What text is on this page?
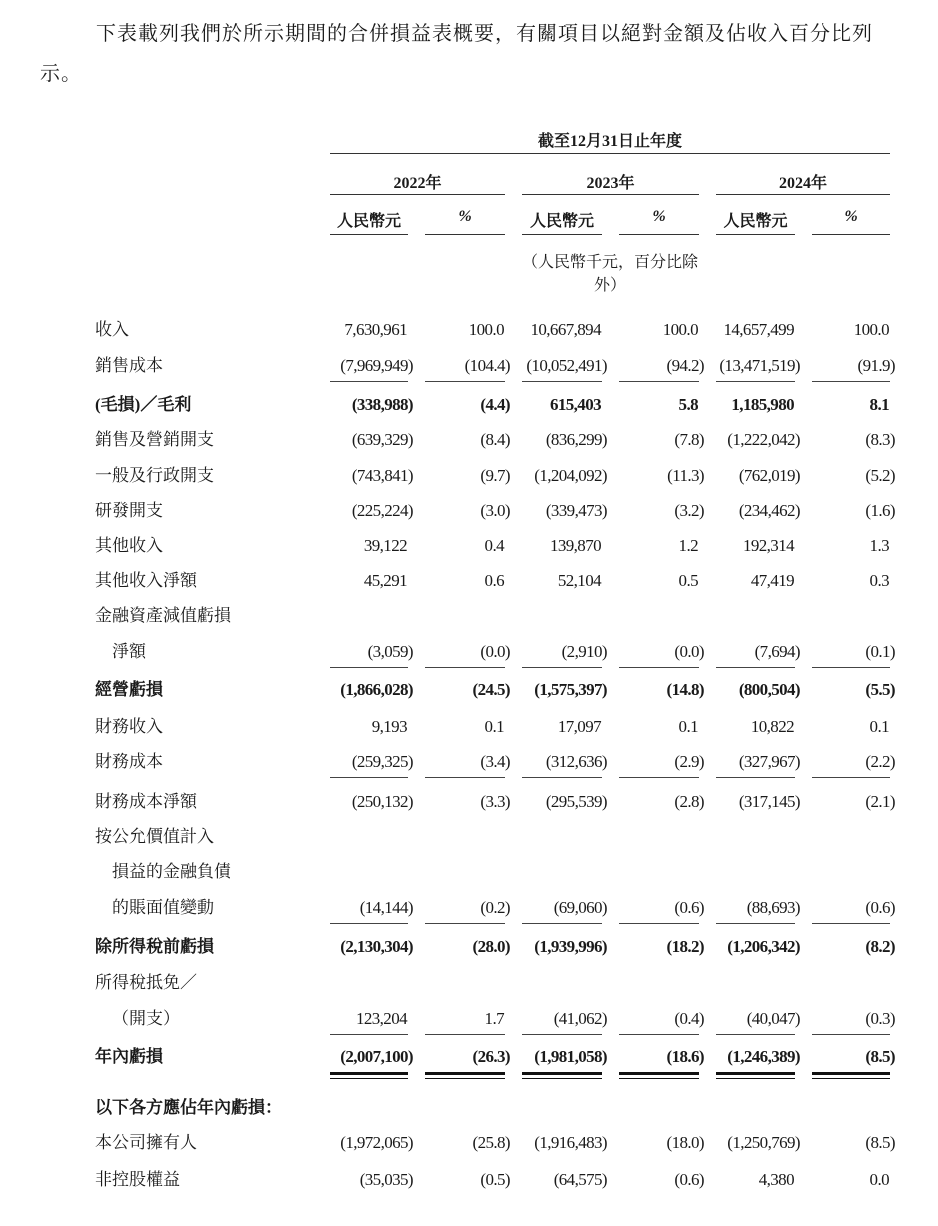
下表載列我們於所示期間的合併損益表概要，有關項目以絕對金額及佔收入百分比列示。
截至12月31日止年度
2022年	2023年	2024年
人民幣元	%	人民幣元	%	人民幣元	%
（人民幣千元，百分比除外）
收入	7,630,961	100.0	10,667,894	100.0	14,657,499	100.0
銷售成本	(7,969,949)	(104.4) (10,052,491)	(94.2) (13,471,519)	(91.9)
(毛損)／毛利	(338,988)	(4.4) 615,403	5.8	1,185,980	8.1
銷售及營銷開支	(639,329)	(8.4) (836,299)	(7.8) (1,222,042)	(8.3)
一般及行政開支	(743,841)	(9.7) (1,204,092)	(11.3) (762,019)	(5.2)
研發開支	(225,224)	(3.0) (339,473)	(3.2) (234,462)	(1.6)
其他收入	39,122	0.4	139,870	1.2	192,314	1.3
其他收入淨額	45,291	0.6	52,104	0.5	47,419	0.3
金融資產減值虧損
淨額	(3,059)	(0.0)	(2,910)	(0.0)	(7,694)	(0.1)
經營虧損	(1,866,028)	(24.5) (1,575,397)	(14.8) (800,504)	(5.5)
財務收入	9,193	0.1	17,097	0.1	10,822	0.1
財務成本	(259,325)	(3.4) (312,636)	(2.9) (327,967)	(2.2)
財務成本淨額	(250,132)	(3.3) (295,539)	(2.8) (317,145)	(2.1)
按公允價值計入
損益的金融負債
的賬面值變動	(14,144)	(0.2)	(69,060)	(0.6)	(88,693)	(0.6)
除所得稅前虧損	(2,130,304)	(28.0) (1,939,996)	(18.2) (1,206,342)	(8.2)
所得稅抵免／
（開支）	123,204	1.7	(41,062)	(0.4)	(40,047)	(0.3)
年內虧損	(2,007,100)	(26.3) (1,981,058)	(18.6) (1,246,389)	(8.5)
以下各方應佔年內虧損：
本公司擁有人	(1,972,065)	(25.8) (1,916,483)	(18.0) (1,250,769)	(8.5)
非控股權益	(35,035)	(0.5)	(64,575)	(0.6)	4,380	0.0
